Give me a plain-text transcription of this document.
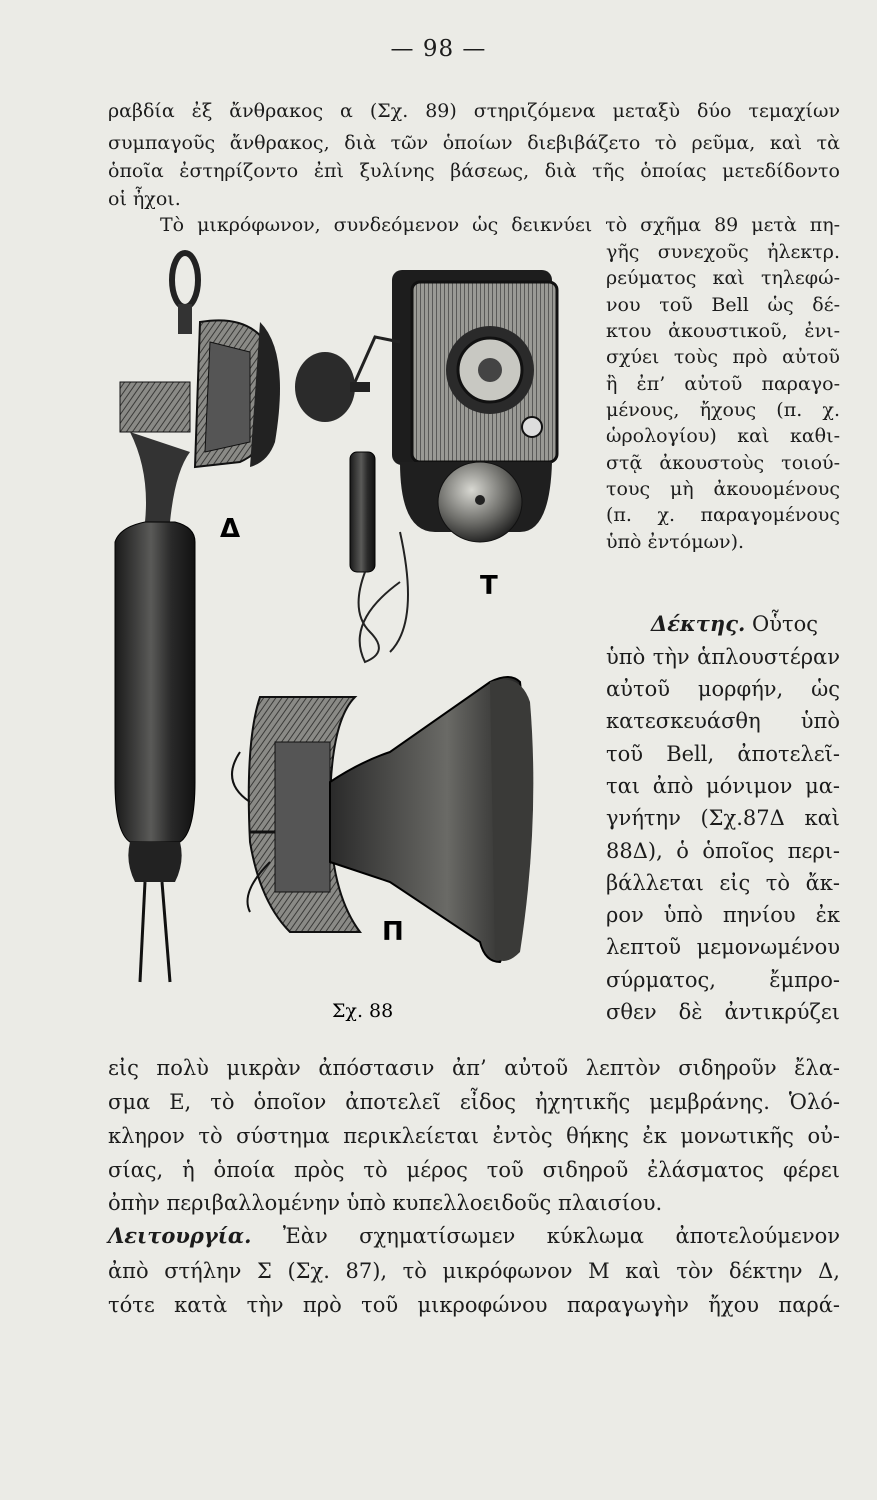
— 98 —

ραβδία ἐξ ἄνθρακος α (Σχ. 89) στηριζόμενα μεταξὺ δύο τεμαχίων

συμπαγοῦς ἄνθρακος, διὰ τῶν ὁποίων διεβιβάζετο τὸ ρεῦμα, καὶ τὰ

ὁποῖα ἐστηρίζοντο ἐπὶ ξυλίνης βάσεως, διὰ τῆς ὁποίας μετεδίδοντο

οἱ ἦχοι.

Τὸ μικρόφωνον, συνδεόμενον ὡς δεικνύει τὸ σχῆμα 89 μετὰ πη-

γῆς συνεχοῦς ἠλεκτρ.

ρεύματος καὶ τηλεφώ-

νου τοῦ Bell ὡς δέ-

κτου ἀκουστικοῦ, ἐνι-

σχύει τοὺς πρὸ αὐτοῦ

ἢ ἐπ’ αὐτοῦ παραγο-

μένους, ἤχους (π. χ.

ὡρολογίου) καὶ καθι-

στᾷ ἀκουστοὺς τοιού-

τους μὴ ἀκουομένους

(π. χ. παραγομένους

ὑπὸ ἐντόμων).

Δέκτης. Οὗτος

ὑπὸ τὴν ἁπλουστέραν

αὐτοῦ μορφήν, ὡς

κατεσκευάσθη ὑπὸ

τοῦ Bell, ἀποτελεῖ-

ται ἀπὸ μόνιμον μα-

γνήτην (Σχ.87Δ καὶ

88Δ), ὁ ὁποῖος περι-

βάλλεται εἰς τὸ ἄκ-

ρον ὑπὸ πηνίου ἐκ

λεπτοῦ μεμονωμένου

σύρματος, ἔμπρο-

σθεν δὲ ἀντικρύζει

εἰς πολὺ μικρὰν ἀπόστασιν ἀπ’ αὐτοῦ λεπτὸν σιδηροῦν ἔλα-

σμα Ε, τὸ ὁποῖον ἀποτελεῖ εἶδος ἠχητικῆς μεμβράνης. Ὁλό-

κληρον τὸ σύστημα περικλείεται ἐντὸς θήκης ἐκ μονωτικῆς οὐ-

σίας, ἡ ὁποία πρὸς τὸ μέρος τοῦ σιδηροῦ ἐλάσματος φέρει

ὀπὴν περιβαλλομένην ὑπὸ κυπελλοειδοῦς πλαισίου.

Λειτουργία. Ἐὰν σχηματίσωμεν κύκλωμα ἀποτελούμενον

ἀπὸ στήλην Σ (Σχ. 87), τὸ μικρόφωνον Μ καὶ τὸν δέκτην Δ,

τότε κατὰ τὴν πρὸ τοῦ μικροφώνου παραγωγὴν ἤχου παρά-

Δ
Τ
Π
Σχ. 88
